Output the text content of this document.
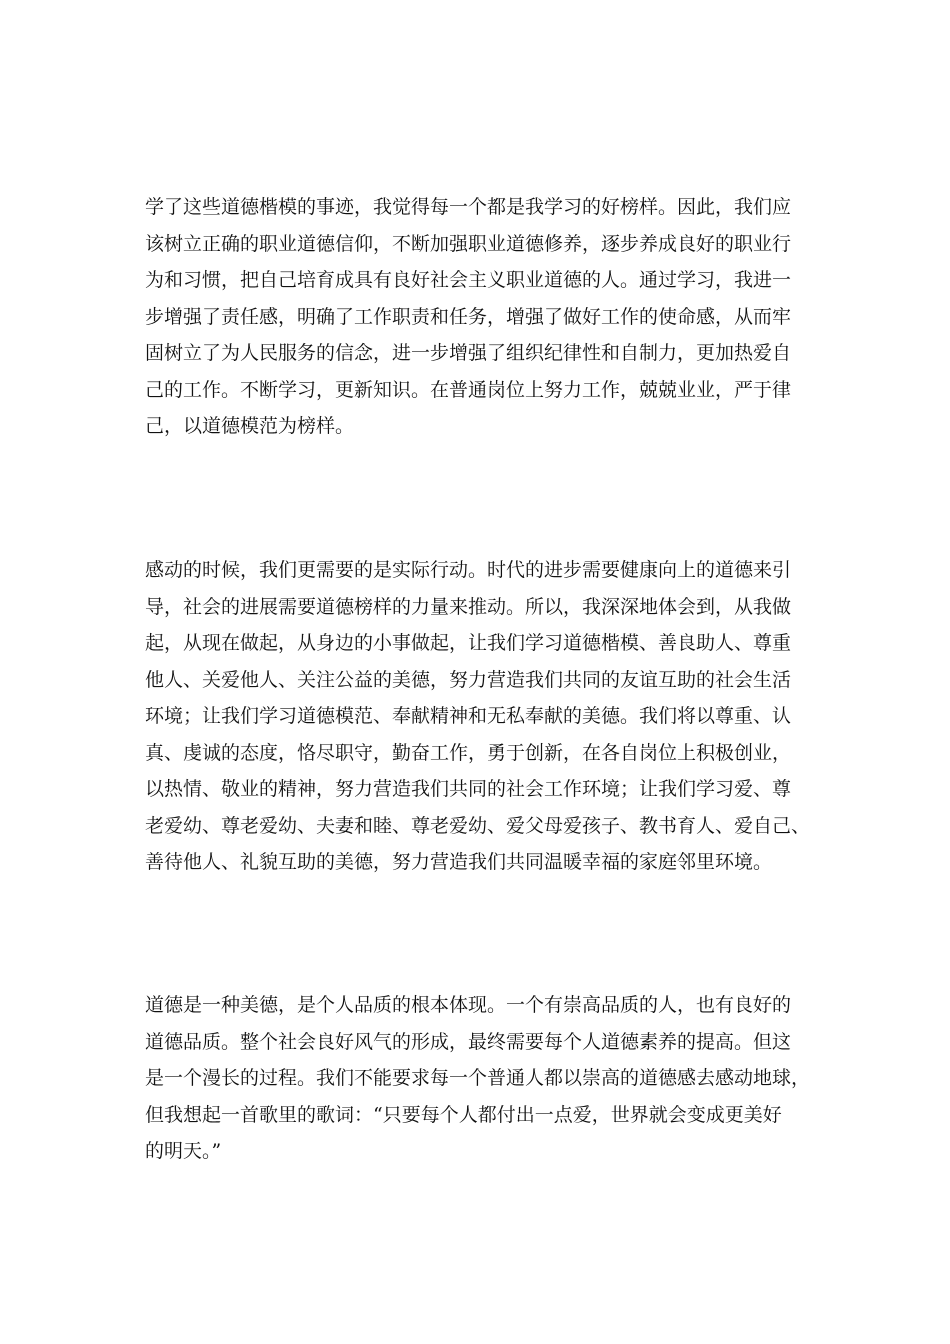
学了这些道德楷模的事迹，我觉得每一个都是我学习的好榜样。因此，我们应
该树立正确的职业道德信仰，不断加强职业道德修养，逐步养成良好的职业行
为和习惯，把自己培育成具有良好社会主义职业道德的人。通过学习，我进一
步增强了责任感，明确了工作职责和任务，增强了做好工作的使命感，从而牢
固树立了为人民服务的信念，进一步增强了组织纪律性和自制力，更加热爱自
己的工作。不断学习，更新知识。在普通岗位上努力工作，兢兢业业，严于律
己，以道德模范为榜样。
感动的时候，我们更需要的是实际行动。时代的进步需要健康向上的道德来引
导，社会的进展需要道德榜样的力量来推动。所以，我深深地体会到，从我做
起，从现在做起，从身边的小事做起，让我们学习道德楷模、善良助人、尊重
他人、关爱他人、关注公益的美德，努力营造我们共同的友谊互助的社会生活
环境；让我们学习道德模范、奉献精神和无私奉献的美德。我们将以尊重、认
真、虔诚的态度，恪尽职守，勤奋工作，勇于创新，在各自岗位上积极创业，
以热情、敬业的精神，努力营造我们共同的社会工作环境；让我们学习爱、尊
老爱幼、尊老爱幼、夫妻和睦、尊老爱幼、爱父母爱孩子、教书育人、爱自己、
善待他人、礼貌互助的美德，努力营造我们共同温暖幸福的家庭邻里环境。
道德是一种美德，是个人品质的根本体现。一个有崇高品质的人，也有良好的
道德品质。整个社会良好风气的形成，最终需要每个人道德素养的提高。但这
是一个漫长的过程。我们不能要求每一个普通人都以崇高的道德感去感动地球，
但我想起一首歌里的歌词：“只要每个人都付出一点爱，世界就会变成更美好
的明天。”
